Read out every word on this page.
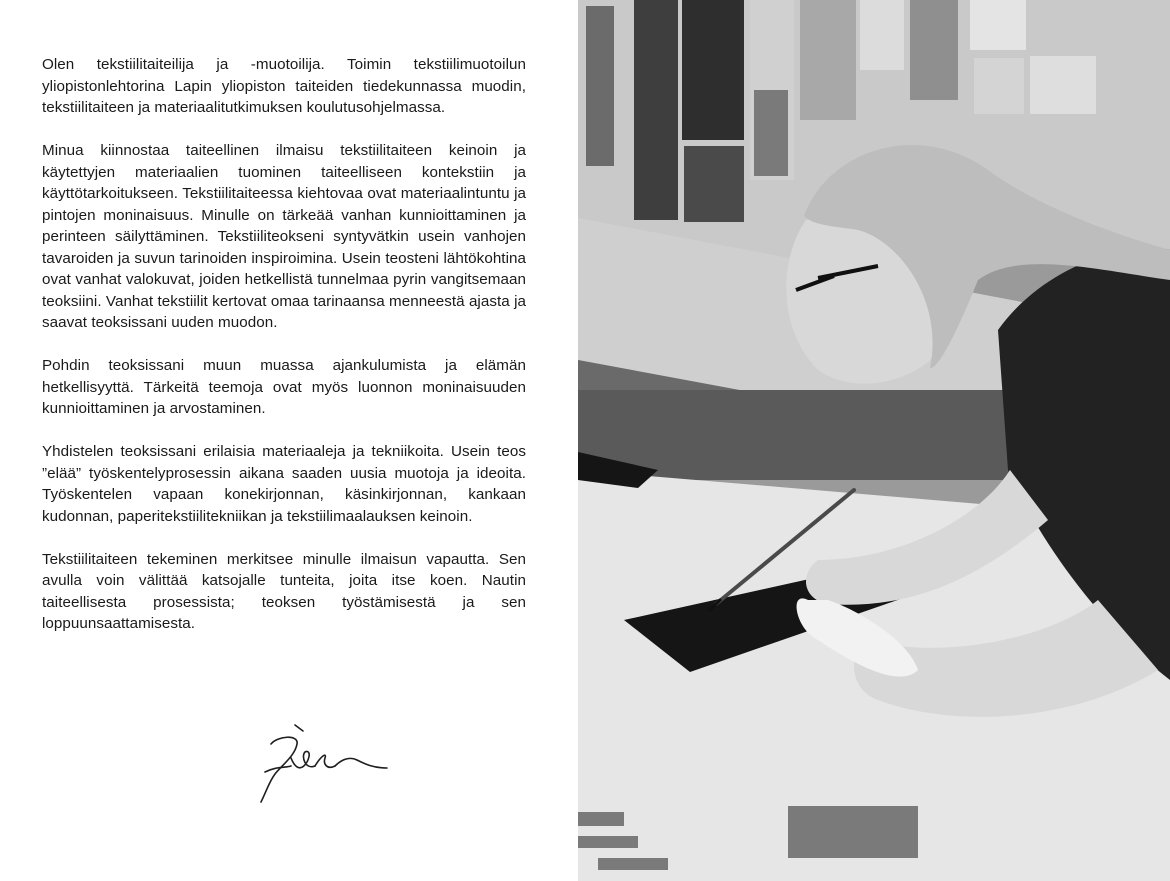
Olen tekstiilitaiteilija ja -muotoilija. Toimin tekstiilimuotoilun yliopistonlehtorina Lapin yliopiston taiteiden tiedekunnassa muodin, tekstiilitaiteen ja materiaalitutkimuksen koulutusohjelmassa.

Minua kiinnostaa taiteellinen ilmaisu tekstiilitaiteen keinoin ja käytettyjen materiaalien tuominen taiteelliseen kontekstiin ja käyttötarkoitukseen. Tekstiilitaiteessa kiehtovaa ovat materiaalintuntu ja pintojen moninaisuus. Minulle on tärkeää vanhan kunnioittaminen ja perinteen säilyttäminen. Tekstiiliteokseni syntyvätkin usein vanhojen tavaroiden ja suvun tarinoiden inspiroimina. Usein teosteni lähtökohtina ovat vanhat valokuvat, joiden hetkellistä tunnelmaa pyrin vangitsemaan teoksiini. Vanhat tekstiilit kertovat omaa tarinaansa menneestä ajasta ja saavat teoksissani uuden muodon.

Pohdin teoksissani muun muassa ajankulumista ja elämän hetkellisyyttä. Tärkeitä teemoja ovat myös luonnon moninaisuuden kunnioittaminen ja arvostaminen.

Yhdistelen teoksissani erilaisia materiaaleja ja tekniikoita. Usein teos ”elää” työskentelyprosessin aikana saaden uusia muotoja ja ideoita. Työskentelen vapaan konekirjonnan, käsinkirjonnan, kankaan kudonnan, paperitekstiilitekniikan ja tekstiilimaalauksen keinoin.

Tekstiilitaiteen tekeminen merkitsee minulle ilmaisun vapautta. Sen avulla voin välittää katsojalle tunteita, joita itse koen. Nautin taiteellisesta prosessista; teoksen työstämisestä ja sen loppuunsaattamisesta.
